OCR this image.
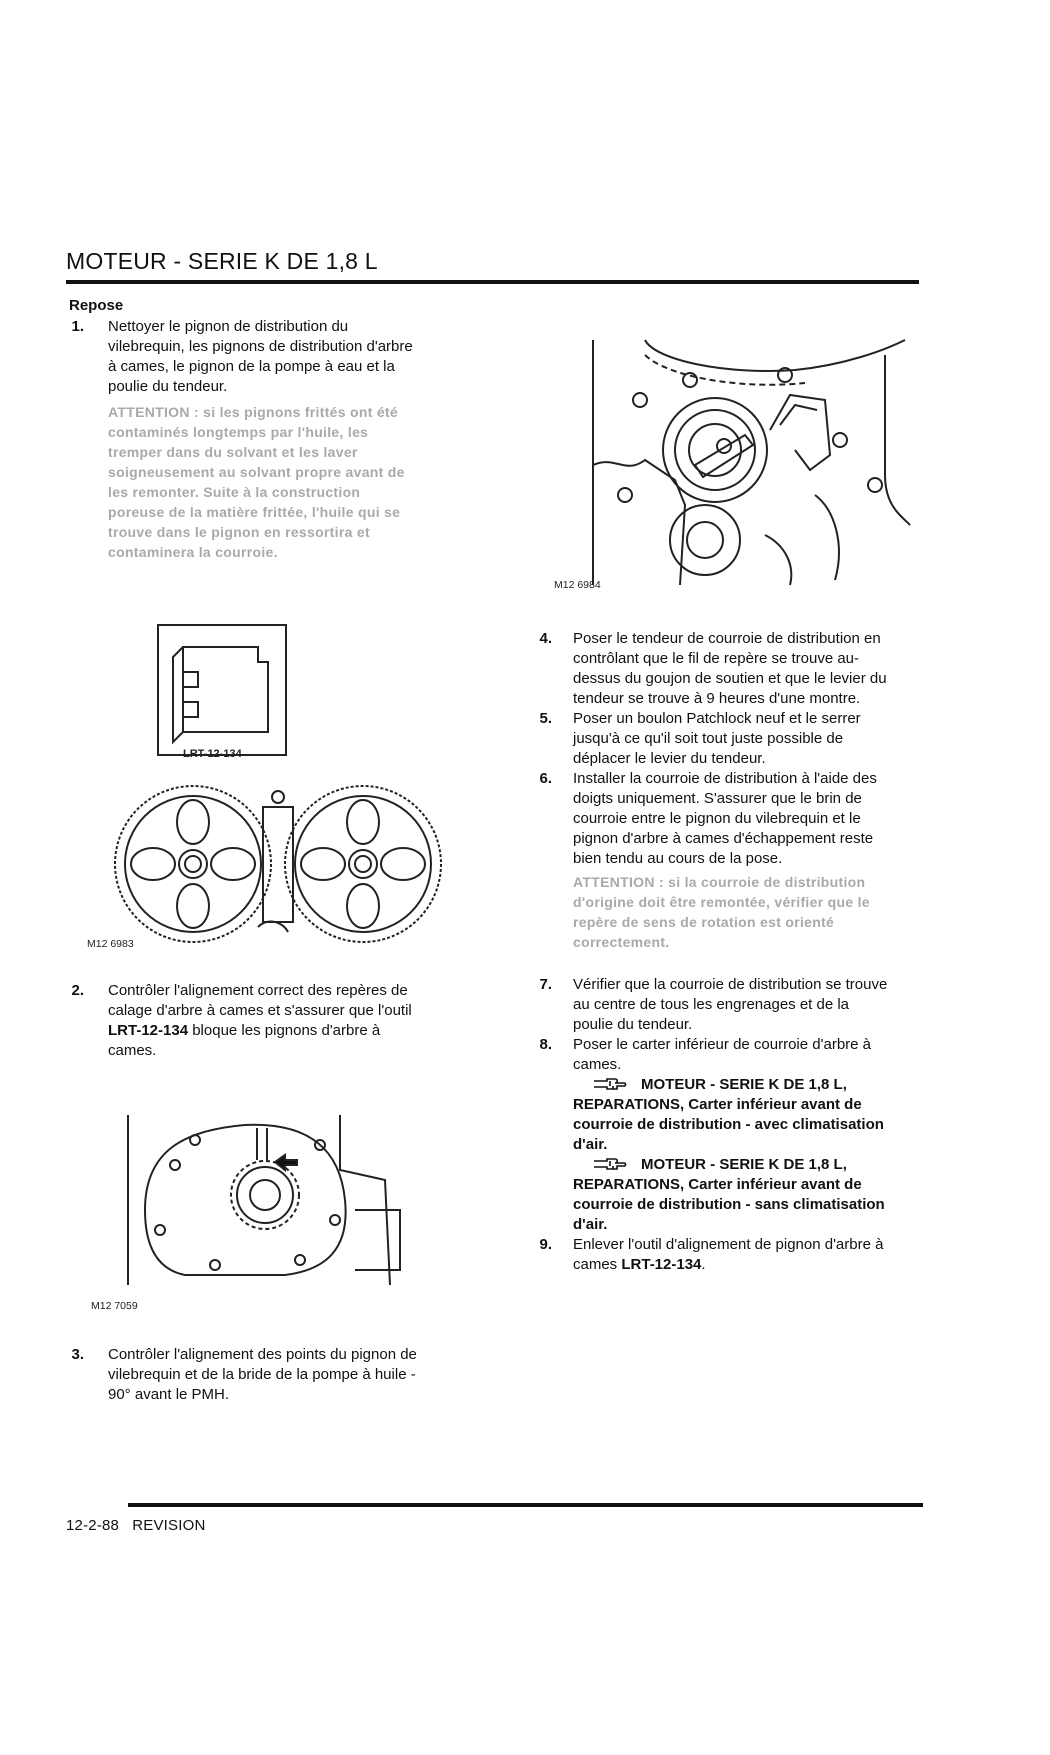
MOTEUR - SERIE K DE 1,8 L
Repose
1. Nettoyer le pignon de distribution du
vilebrequin, les pignons de distribution d'arbre
à cames, le pignon de la pompe à eau et la
poulie du tendeur.
ATTENTION : si les pignons frittés ont été
contaminés longtemps par l'huile, les
tremper dans du solvant et les laver
soigneusement au solvant propre avant de
les remonter. Suite à la construction
poreuse de la matière frittée, l'huile qui se
trouve dans le pignon en ressortira et
contaminera la courroie.
M12 6984
LRT-12-134
M12 6983
2. Contrôler l'alignement correct des repères de
calage d'arbre à cames et s'assurer que l'outil
LRT-12-134 bloque les pignons d'arbre à
cames.
M12 7059
3. Contrôler l'alignement des points du pignon de
vilebrequin et de la bride de la pompe à huile -
90° avant le PMH.
4. Poser le tendeur de courroie de distribution en
contrôlant que le fil de repère se trouve au-
dessus du goujon de soutien et que le levier du
tendeur se trouve à 9 heures d'une montre.
5. Poser un boulon Patchlock neuf et le serrer
jusqu'à ce qu'il soit tout juste possible de
déplacer le levier du tendeur.
6. Installer la courroie de distribution à l'aide des
doigts uniquement. S'assurer que le brin de
courroie entre le pignon du vilebrequin et le
pignon d'arbre à cames d'échappement reste
bien tendu au cours de la pose.
ATTENTION : si la courroie de distribution
d'origine doit être remontée, vérifier que le
repère de sens de rotation est orienté
correctement.
7. Vérifier que la courroie de distribution se trouve
au centre de tous les engrenages et de la
poulie du tendeur.
8. Poser le carter inférieur de courroie d'arbre à
cames.
MOTEUR - SERIE K DE 1,8 L,
REPARATIONS, Carter inférieur avant de
courroie de distribution - avec climatisation
d'air.
MOTEUR - SERIE K DE 1,8 L,
REPARATIONS, Carter inférieur avant de
courroie de distribution - sans climatisation
d'air.
9. Enlever l'outil d'alignement de pignon d'arbre à
cames LRT-12-134.
12-2-88   REVISION
